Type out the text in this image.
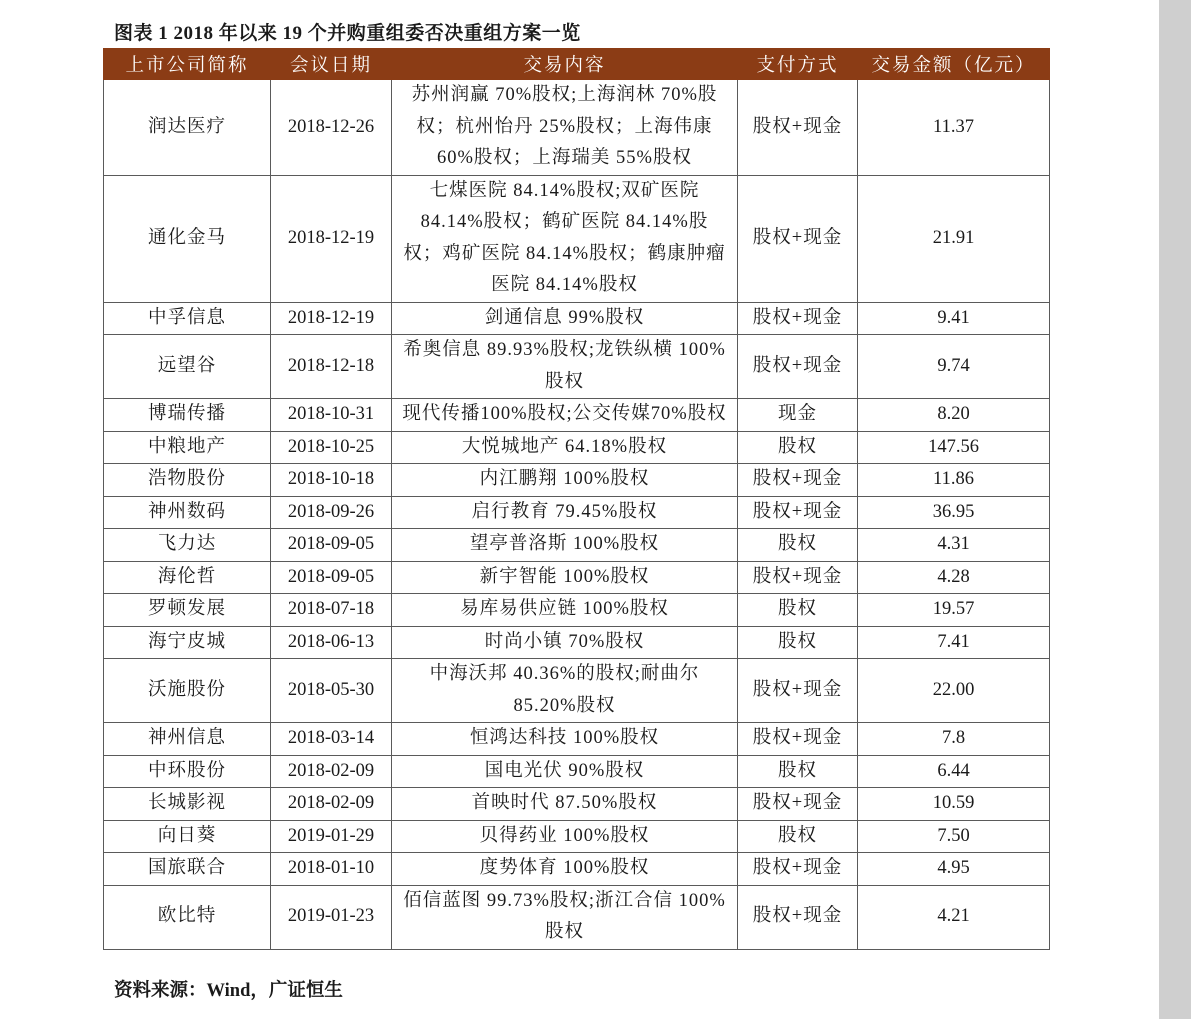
图表 1 2018 年以来 19 个并购重组委否决重组方案一览
上市公司简称	会议日期	交易内容	支付方式	交易金额（亿元）
润达医疗	2018-12-26	苏州润赢 70%股权;上海润林 70%股权；杭州怡丹 25%股权；上海伟康 60%股权；上海瑞美 55%股权	股权+现金	11.37
通化金马	2018-12-19	七煤医院 84.14%股权;双矿医院 84.14%股权；鹤矿医院 84.14%股权；鸡矿医院 84.14%股权；鹤康肿瘤医院 84.14%股权	股权+现金	21.91
中孚信息	2018-12-19	剑通信息 99%股权	股权+现金	9.41
远望谷	2018-12-18	希奥信息 89.93%股权;龙铁纵横 100%股权	股权+现金	9.74
博瑞传播	2018-10-31	现代传播100%股权;公交传媒70%股权	现金	8.20
中粮地产	2018-10-25	大悦城地产 64.18%股权	股权	147.56
浩物股份	2018-10-18	内江鹏翔 100%股权	股权+现金	11.86
神州数码	2018-09-26	启行教育 79.45%股权	股权+现金	36.95
飞力达	2018-09-05	望亭普洛斯 100%股权	股权	4.31
海伦哲	2018-09-05	新宇智能 100%股权	股权+现金	4.28
罗顿发展	2018-07-18	易库易供应链 100%股权	股权	19.57
海宁皮城	2018-06-13	时尚小镇 70%股权	股权	7.41
沃施股份	2018-05-30	中海沃邦 40.36%的股权;耐曲尔 85.20%股权	股权+现金	22.00
神州信息	2018-03-14	恒鸿达科技 100%股权	股权+现金	7.8
中环股份	2018-02-09	国电光伏 90%股权	股权	6.44
长城影视	2018-02-09	首映时代 87.50%股权	股权+现金	10.59
向日葵	2019-01-29	贝得药业 100%股权	股权	7.50
国旅联合	2018-01-10	度势体育 100%股权	股权+现金	4.95
欧比特	2019-01-23	佰信蓝图 99.73%股权;浙江合信 100%股权	股权+现金	4.21
资料来源：Wind，广证恒生
